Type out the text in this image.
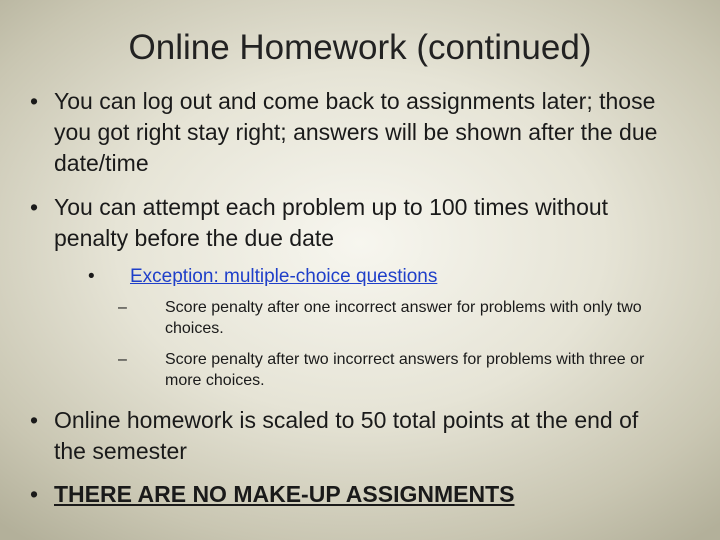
Online Homework (continued)
• You can log out and come back to assignments later; those you got right stay right; answers will be shown after the due date/time
• You can attempt each problem up to 100 times without penalty before the due date
• Exception: multiple-choice questions
– Score penalty after one incorrect answer for problems with only two choices.
– Score penalty after two incorrect answers for problems with three or more choices.
• Online homework is scaled to 50 total points at the end of the semester
• THERE ARE NO MAKE-UP ASSIGNMENTS
